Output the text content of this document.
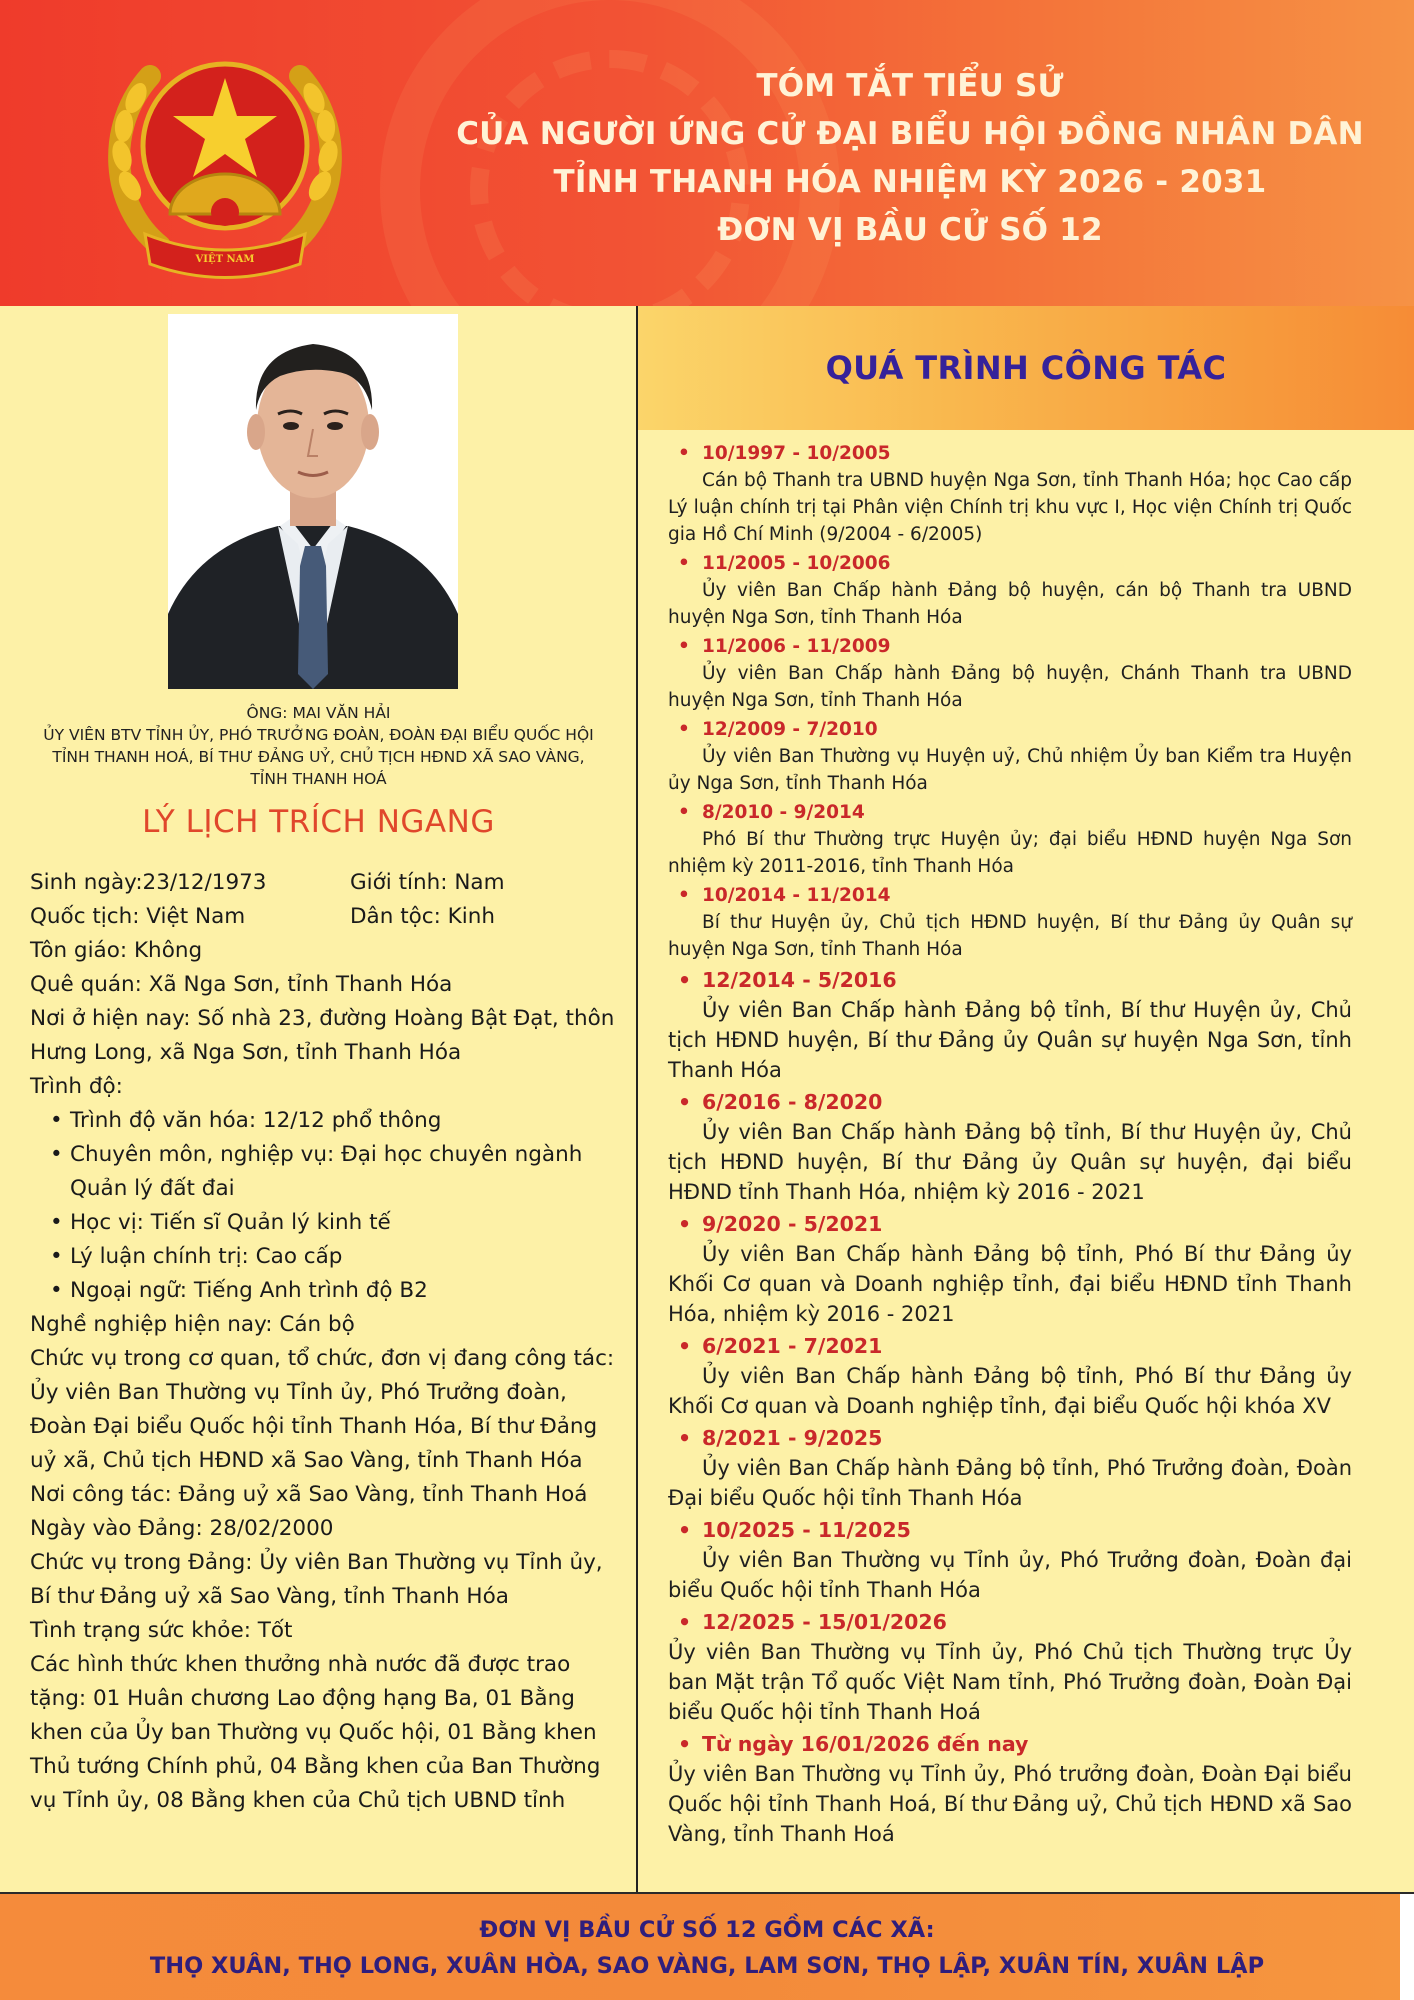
VIỆT NAM
TÓM TẮT TIỂU SỬ
CỦA NGƯỜI ỨNG CỬ ĐẠI BIỂU HỘI ĐỒNG NHÂN DÂN
TỈNH THANH HÓA NHIỆM KỲ 2026 - 2031
ĐƠN VỊ BẦU CỬ SỐ 12
ÔNG: MAI VĂN HẢI
ỦY VIÊN BTV TỈNH ỦY, PHÓ TRƯỞNG ĐOÀN, ĐOÀN ĐẠI BIỂU QUỐC HỘI
TỈNH THANH HOÁ, BÍ THƯ ĐẢNG UỶ, CHỦ TỊCH HĐND XÃ SAO VÀNG,
TỈNH THANH HOÁ
LÝ LỊCH TRÍCH NGANG
Sinh ngày:23/12/1973	Giới tính: Nam
Quốc tịch: Việt Nam	Dân tộc: Kinh
Tôn giáo: Không
Quê quán: Xã Nga Sơn, tỉnh Thanh Hóa
Nơi ở hiện nay: Số nhà 23, đường Hoàng Bật Đạt, thôn Hưng Long, xã Nga Sơn, tỉnh Thanh Hóa
Trình độ:
• Trình độ văn hóa: 12/12 phổ thông
• Chuyên môn, nghiệp vụ: Đại học chuyên ngành Quản lý đất đai
• Học vị: Tiến sĩ Quản lý kinh tế
• Lý luận chính trị: Cao cấp
• Ngoại ngữ: Tiếng Anh trình độ B2
Nghề nghiệp hiện nay: Cán bộ
Chức vụ trong cơ quan, tổ chức, đơn vị đang công tác: Ủy viên Ban Thường vụ Tỉnh ủy, Phó Trưởng đoàn, Đoàn Đại biểu Quốc hội tỉnh Thanh Hóa, Bí thư Đảng uỷ xã, Chủ tịch HĐND xã Sao Vàng, tỉnh Thanh Hóa
Nơi công tác: Đảng uỷ xã Sao Vàng, tỉnh Thanh Hoá
Ngày vào Đảng: 28/02/2000
Chức vụ trong Đảng: Ủy viên Ban Thường vụ Tỉnh ủy, Bí thư Đảng uỷ xã Sao Vàng, tỉnh Thanh Hóa
Tình trạng sức khỏe: Tốt
Các hình thức khen thưởng nhà nước đã được trao tặng: 01 Huân chương Lao động hạng Ba, 01 Bằng khen của Ủy ban Thường vụ Quốc hội, 01 Bằng khen Thủ tướng Chính phủ, 04 Bằng khen của Ban Thường vụ Tỉnh ủy, 08 Bằng khen của Chủ tịch UBND tỉnh
QUÁ TRÌNH CÔNG TÁC
• 10/1997 - 10/2005
Cán bộ Thanh tra UBND huyện Nga Sơn, tỉnh Thanh Hóa; học Cao cấp Lý luận chính trị tại Phân viện Chính trị khu vực I, Học viện Chính trị Quốc gia Hồ Chí Minh (9/2004 - 6/2005)
• 11/2005 - 10/2006
Ủy viên Ban Chấp hành Đảng bộ huyện, cán bộ Thanh tra UBND huyện Nga Sơn, tỉnh Thanh Hóa
• 11/2006 - 11/2009
Ủy viên Ban Chấp hành Đảng bộ huyện, Chánh Thanh tra UBND huyện Nga Sơn, tỉnh Thanh Hóa
• 12/2009 - 7/2010
Ủy viên Ban Thường vụ Huyện uỷ, Chủ nhiệm Ủy ban Kiểm tra Huyện ủy Nga Sơn, tỉnh Thanh Hóa
• 8/2010 - 9/2014
Phó Bí thư Thường trực Huyện ủy; đại biểu HĐND huyện Nga Sơn nhiệm kỳ 2011-2016, tỉnh Thanh Hóa
• 10/2014 - 11/2014
Bí thư Huyện ủy, Chủ tịch HĐND huyện, Bí thư Đảng ủy Quân sự huyện Nga Sơn, tỉnh Thanh Hóa
• 12/2014 - 5/2016
Ủy viên Ban Chấp hành Đảng bộ tỉnh, Bí thư Huyện ủy, Chủ tịch HĐND huyện, Bí thư Đảng ủy Quân sự huyện Nga Sơn, tỉnh Thanh Hóa
• 6/2016 - 8/2020
Ủy viên Ban Chấp hành Đảng bộ tỉnh, Bí thư Huyện ủy, Chủ tịch HĐND huyện, Bí thư Đảng ủy Quân sự huyện, đại biểu HĐND tỉnh Thanh Hóa, nhiệm kỳ 2016 - 2021
• 9/2020 - 5/2021
Ủy viên Ban Chấp hành Đảng bộ tỉnh, Phó Bí thư Đảng ủy Khối Cơ quan và Doanh nghiệp tỉnh, đại biểu HĐND tỉnh Thanh Hóa, nhiệm kỳ 2016 - 2021
• 6/2021 - 7/2021
Ủy viên Ban Chấp hành Đảng bộ tỉnh, Phó Bí thư Đảng ủy Khối Cơ quan và Doanh nghiệp tỉnh, đại biểu Quốc hội khóa XV
• 8/2021 - 9/2025
Ủy viên Ban Chấp hành Đảng bộ tỉnh, Phó Trưởng đoàn, Đoàn Đại biểu Quốc hội tỉnh Thanh Hóa
• 10/2025 - 11/2025
Ủy viên Ban Thường vụ Tỉnh ủy, Phó Trưởng đoàn, Đoàn đại biểu Quốc hội tỉnh Thanh Hóa
• 12/2025 - 15/01/2026
Ủy viên Ban Thường vụ Tỉnh ủy, Phó Chủ tịch Thường trực Ủy ban Mặt trận Tổ quốc Việt Nam tỉnh, Phó Trưởng đoàn, Đoàn Đại biểu Quốc hội tỉnh Thanh Hoá
• Từ ngày 16/01/2026 đến nay
Ủy viên Ban Thường vụ Tỉnh ủy, Phó trưởng đoàn, Đoàn Đại biểu Quốc hội tỉnh Thanh Hoá, Bí thư Đảng uỷ, Chủ tịch HĐND xã Sao Vàng, tỉnh Thanh Hoá
ĐƠN VỊ BẦU CỬ SỐ 12 GỒM CÁC XÃ:
THỌ XUÂN, THỌ LONG, XUÂN HÒA, SAO VÀNG, LAM SƠN, THỌ LẬP, XUÂN TÍN, XUÂN LẬP
